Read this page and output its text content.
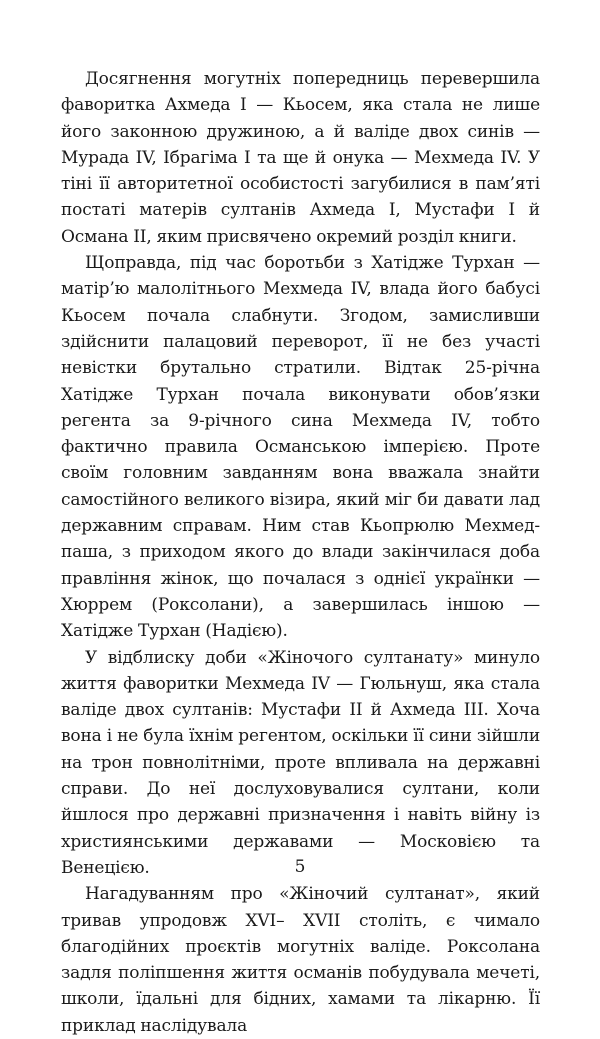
Досягнення могутніх попередниць перевершила фаворитка Ахмеда I — Кьосем, яка стала не лише його законною дружиною, а й валіде двох синів — Мурада IV, Ібрагіма I та ще й онука — Мехмеда IV. У тіні її авторитетної особистості загубилися в пам’яті постаті матерів султанів Ахмеда I, Мустафи I й Османа II, яким присвячено окремий розділ книги.

Щоправда, під час боротьби з Хатідже Турхан — матір’ю малолітнього Мехмеда IV, влада його бабусі Кьосем почала слабнути. Згодом, замисливши здійснити палацовий переворот, її не без участі невістки брутально стратили. Відтак 25-річна Хатідже Турхан почала виконувати обов’язки регента за 9-річного сина Мехмеда IV, тобто фактично правила Османською імперією. Проте своїм головним завданням вона вважала знайти самостійного великого візира, який міг би давати лад державним справам. Ним став Кьопрюлю Мехмед-паша, з приходом якого до влади закінчилася доба правління жінок, що почалася з однієї українки — Хюррем (Роксолани), а завершилась іншою — Хатідже Турхан (Надією).

У відблиску доби «Жіночого султанату» минуло життя фаворитки Мехмеда IV — Гюльнуш, яка стала валіде двох султанів: Мустафи II й Ахмеда III. Хоча вона і не була їхнім регентом, оскільки її сини зійшли на трон повнолітніми, проте впливала на державні справи. До неї дослуховувалися султани, коли йшлося про державні призначення і навіть війну із християнськими державами — Московією та Венецією.

Нагадуванням про «Жіночий султанат», який тривав упродовж XVI– XVII століть, є чимало благодійних проєктів могутніх валіде. Роксолана задля поліпшення життя османів побудувала мечеті, школи, їдальні для бідних, хамами та лікарню. Її приклад наслідувала

5
